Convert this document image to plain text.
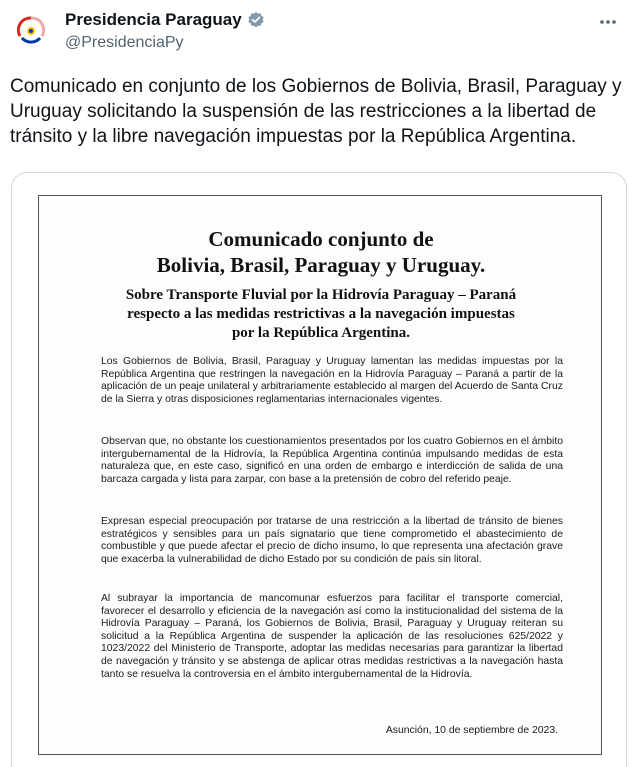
Presidencia Paraguay
@PresidenciaPy
Comunicado en conjunto de los Gobiernos de Bolivia, Brasil, Paraguay y Uruguay solicitando la suspensión de las restricciones a la libertad de tránsito y la libre navegación impuestas por la República Argentina.
Comunicado conjunto de
Bolivia, Brasil, Paraguay y Uruguay.
Sobre Transporte Fluvial por la Hidrovía Paraguay – Paraná
respecto a las medidas restrictivas a la navegación impuestas
por la República Argentina.

Los Gobiernos de Bolivia, Brasil, Paraguay y Uruguay lamentan las medidas impuestas por la República Argentina que restringen la navegación en la Hidrovía Paraguay – Paraná a partir de la aplicación de un peaje unilateral y arbitrariamente establecido al margen del Acuerdo de Santa Cruz de la Sierra y otras disposiciones reglamentarias internacionales vigentes.

Observan que, no obstante los cuestionamientos presentados por los cuatro Gobiernos en el ámbito intergubernamental de la Hidrovía, la República Argentina continúa impulsando medidas de esta naturaleza que, en este caso, significó en una orden de embargo e interdicción de salida de una barcaza cargada y lista para zarpar, con base a la pretensión de cobro del referido peaje.

Expresan especial preocupación por tratarse de una restricción a la libertad de tránsito de bienes estratégicos y sensibles para un país signatario que tiene comprometido el abastecimiento de combustible y que puede afectar el precio de dicho insumo, lo que representa una afectación grave que exacerba la vulnerabilidad de dicho Estado por su condición de país sin litoral.

Al subrayar la importancia de mancomunar esfuerzos para facilitar el transporte comercial, favorecer el desarrollo y eficiencia de la navegación así como la institucionalidad del sistema de la Hidrovía Paraguay – Paraná, los Gobiernos de Bolivia, Brasil, Paraguay y Uruguay reiteran su solicitud a la República Argentina de suspender la aplicación de las resoluciones 625/2022 y 1023/2022 del Ministerio de Transporte, adoptar las medidas necesarias para garantizar la libertad de navegación y tránsito y se abstenga de aplicar otras medidas restrictivas a la navegación hasta tanto se resuelva la controversia en el ámbito intergubernamental de la Hidrovía.

Asunción, 10 de septiembre de 2023.
